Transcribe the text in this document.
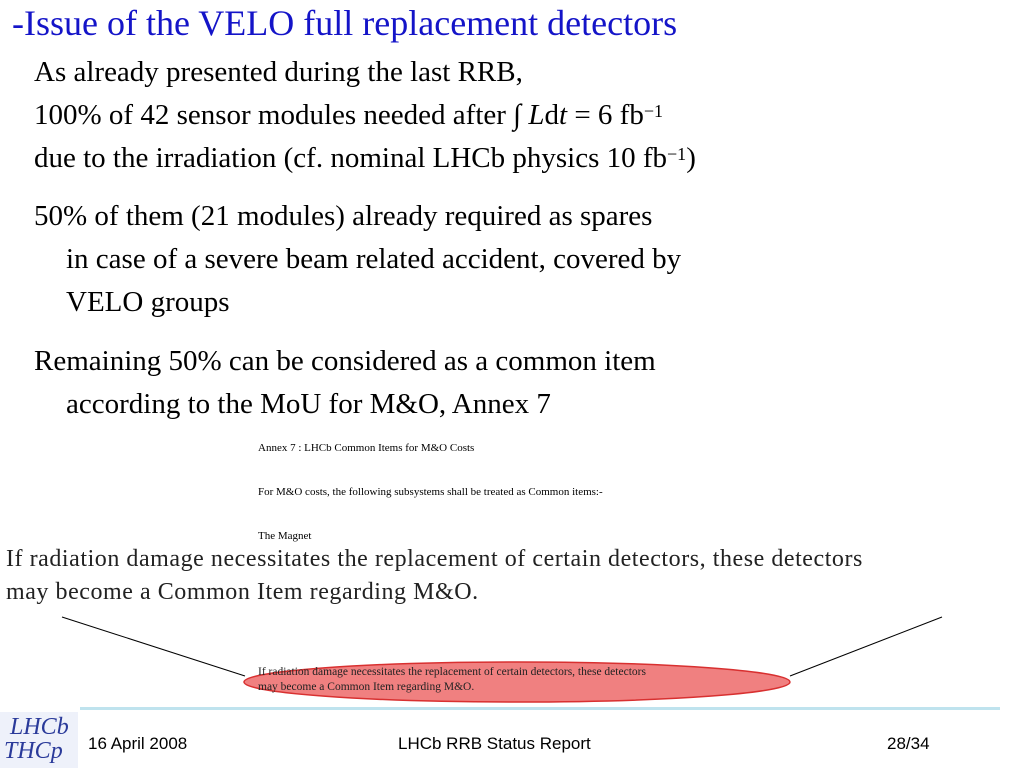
-Issue of the VELO full replacement detectors
As already presented during the last RRB,
100% of 42 sensor modules needed after ∫ Ldt = 6 $fb^{-1}$
due to the irradiation (cf. nominal LHCb physics 10 $fb^{-1}$)
50% of them (21 modules) already required as spares
in case of a severe beam related accident, covered by
VELO groups
Remaining 50% can be considered as a common item
according to the MoU for M&O, Annex 7
Annex 7 : LHCb Common Items for M&O Costs
For M&O costs, the following subsystems shall be treated as Common items:-
The Magnet
If radiation damage necessitates the replacement of certain detectors, these detectors
may become a Common Item regarding M&O.
If radiation damage necessitates the replacement of certain detectors, these detectors
may become a Common Item regarding M&O.
LHCb
THCp 16 April 2008	LHCb RRB Status Report	28/34
